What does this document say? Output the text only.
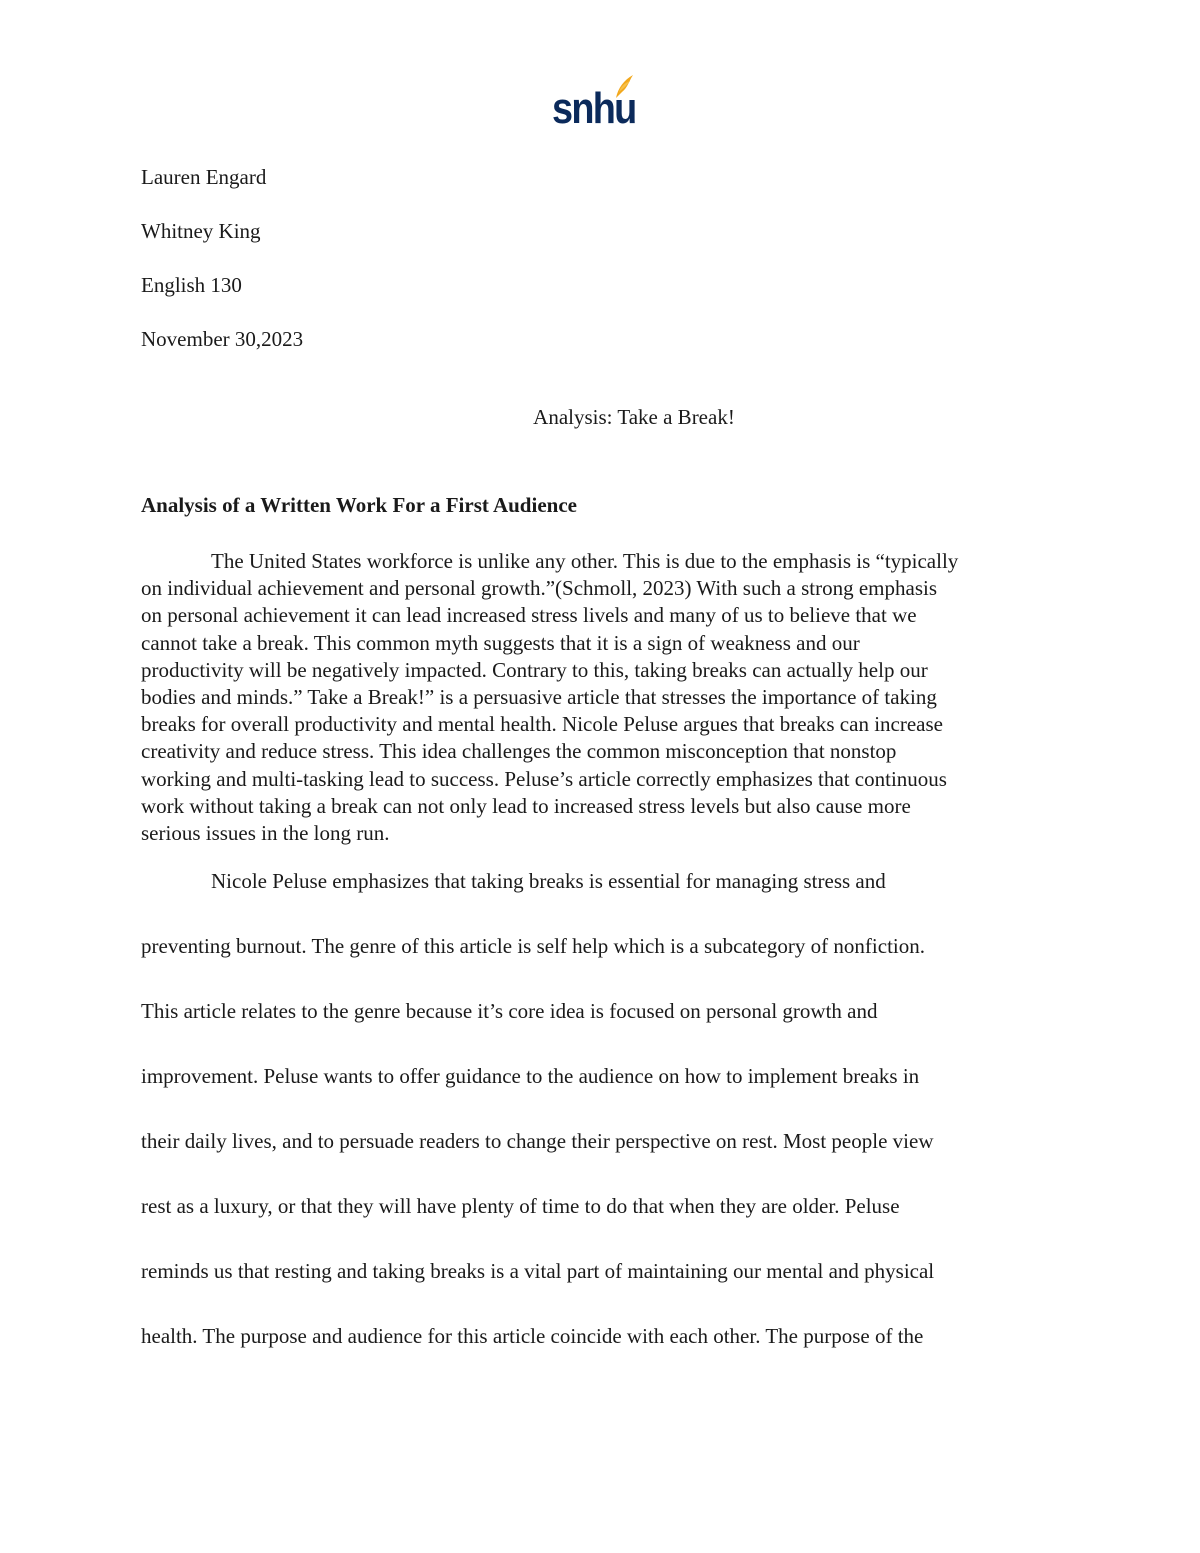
snhu
Lauren Engard
Whitney King
English 130
November 30,2023
Analysis: Take a Break!
Analysis of a Written Work For a First Audience
The United States workforce is unlike any other. This is due to the emphasis is “typically
on individual achievement and personal growth.”(Schmoll, 2023) With such a strong emphasis
on personal achievement it can lead increased stress livels and many of us to believe that we
cannot take a break. This common myth suggests that it is a sign of weakness and our
productivity will be negatively impacted. Contrary to this, taking breaks can actually help our
bodies and minds.” Take a Break!” is a persuasive article that stresses the importance of taking
breaks for overall productivity and mental health. Nicole Peluse argues that breaks can increase
creativity and reduce stress. This idea challenges the common misconception that nonstop
working and multi-tasking lead to success. Peluse’s article correctly emphasizes that continuous
work without taking a break can not only lead to increased stress levels but also cause more
serious issues in the long run.
Nicole Peluse emphasizes that taking breaks is essential for managing stress and
preventing burnout. The genre of this article is self help which is a subcategory of nonfiction.
This article relates to the genre because it’s core idea is focused on personal growth and
improvement. Peluse wants to offer guidance to the audience on how to implement breaks in
their daily lives, and to persuade readers to change their perspective on rest. Most people view
rest as a luxury, or that they will have plenty of time to do that when they are older. Peluse
reminds us that resting and taking breaks is a vital part of maintaining our mental and physical
health. The purpose and audience for this article coincide with each other. The purpose of the
